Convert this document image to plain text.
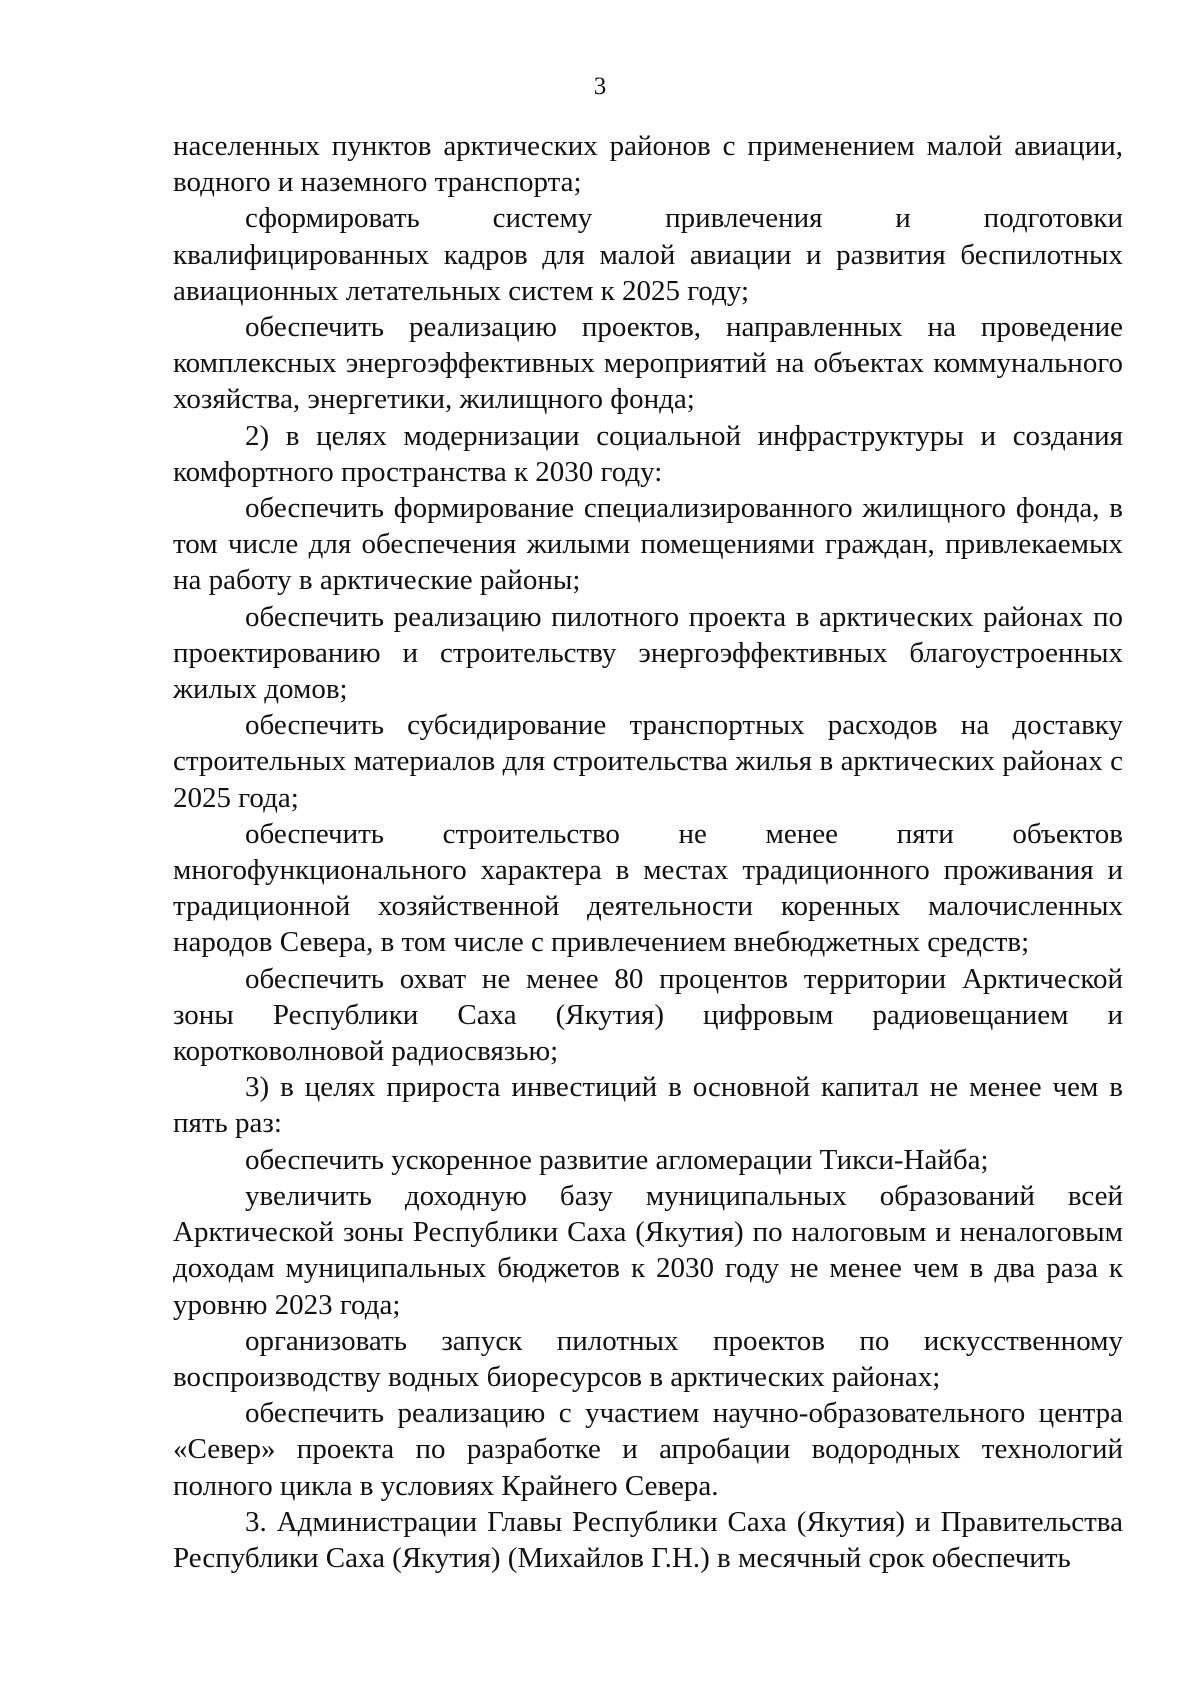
3

населенных пунктов арктических районов с применением малой авиации, водного и наземного транспорта;

сформировать систему привлечения и подготовки квалифицированных кадров для малой авиации и развития беспилотных авиационных летательных систем к 2025 году;

обеспечить реализацию проектов, направленных на проведение комплексных энергоэффективных мероприятий на объектах коммунального хозяйства, энергетики, жилищного фонда;

2) в целях модернизации социальной инфраструктуры и создания комфортного пространства к 2030 году:

обеспечить формирование специализированного жилищного фонда, в том числе для обеспечения жилыми помещениями граждан, привлекаемых на работу в арктические районы;

обеспечить реализацию пилотного проекта в арктических районах по проектированию и строительству энергоэффективных благоустроенных жилых домов;

обеспечить субсидирование транспортных расходов на доставку строительных материалов для строительства жилья в арктических районах с 2025 года;

обеспечить строительство не менее пяти объектов многофункционального характера в местах традиционного проживания и традиционной хозяйственной деятельности коренных малочисленных народов Севера, в том числе с привлечением внебюджетных средств;

обеспечить охват не менее 80 процентов территории Арктической зоны Республики Саха (Якутия) цифровым радиовещанием и коротковолновой радиосвязью;

3) в целях прироста инвестиций в основной капитал не менее чем в пять раз:

обеспечить ускоренное развитие агломерации Тикси-Найба;

увеличить доходную базу муниципальных образований всей Арктической зоны Республики Саха (Якутия) по налоговым и неналоговым доходам муниципальных бюджетов к 2030 году не менее чем в два раза к уровню 2023 года;

организовать запуск пилотных проектов по искусственному воспроизводству водных биоресурсов в арктических районах;

обеспечить реализацию с участием научно-образовательного центра «Север» проекта по разработке и апробации водородных технологий полного цикла в условиях Крайнего Севера.

3. Администрации Главы Республики Саха (Якутия) и Правительства Республики Саха (Якутия) (Михайлов Г.Н.) в месячный срок обеспечить
